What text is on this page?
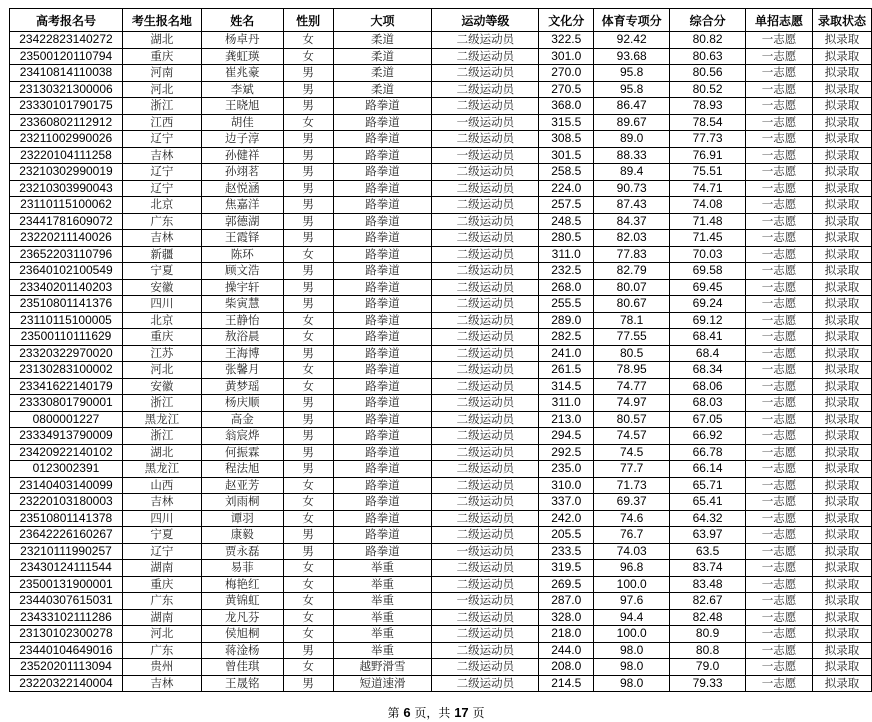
高考报名号	考生报名地	姓名	性别	大项	运动等级	文化分	体育专项分	综合分	单招志愿	录取状态
23422823140272	湖北	杨卓丹	女	柔道	二级运动员	322.5	92.42	80.82	一志愿	拟录取
23500120110794	重庆	龚虹瑛	女	柔道	二级运动员	301.0	93.68	80.63	一志愿	拟录取
23410814110038	河南	崔兆豪	男	柔道	二级运动员	270.0	95.8	80.56	一志愿	拟录取
23130321300006	河北	李斌	男	柔道	二级运动员	270.5	95.8	80.52	一志愿	拟录取
23330101790175	浙江	王晓旭	男	路拳道	二级运动员	368.0	86.47	78.93	一志愿	拟录取
23360802112912	江西	胡佳	女	路拳道	一级运动员	315.5	89.67	78.54	一志愿	拟录取
23211002990026	辽宁	边子淳	男	路拳道	二级运动员	308.5	89.0	77.73	一志愿	拟录取
23220104111258	吉林	孙健祥	男	路拳道	一级运动员	301.5	88.33	76.91	一志愿	拟录取
23210302990019	辽宁	孙翊茗	男	路拳道	二级运动员	258.5	89.4	75.51	一志愿	拟录取
23210303990043	辽宁	赵悦涵	男	路拳道	二级运动员	224.0	90.73	74.71	一志愿	拟录取
23110115100062	北京	焦嘉洋	男	路拳道	二级运动员	257.5	87.43	74.08	一志愿	拟录取
23441781609072	广东	郭德湖	男	路拳道	二级运动员	248.5	84.37	71.48	一志愿	拟录取
23220211140026	吉林	王霞铎	男	路拳道	二级运动员	280.5	82.03	71.45	一志愿	拟录取
23652203110796	新疆	陈环	女	路拳道	二级运动员	311.0	77.83	70.03	一志愿	拟录取
23640102100549	宁夏	顾文浩	男	路拳道	二级运动员	232.5	82.79	69.58	一志愿	拟录取
23340201140203	安徽	操宇轩	男	路拳道	二级运动员	268.0	80.07	69.45	一志愿	拟录取
23510801141376	四川	柴寅慧	男	路拳道	二级运动员	255.5	80.67	69.24	一志愿	拟录取
23110115100005	北京	王静怡	女	路拳道	二级运动员	289.0	78.1	69.12	一志愿	拟录取
23500110111629	重庆	敖浴晨	女	路拳道	二级运动员	282.5	77.55	68.41	一志愿	拟录取
23320322970020	江苏	王海博	男	路拳道	二级运动员	241.0	80.5	68.4	一志愿	拟录取
23130283100002	河北	张馨月	女	路拳道	二级运动员	261.5	78.95	68.34	一志愿	拟录取
23341622140179	安徽	黄梦瑶	女	路拳道	二级运动员	314.5	74.77	68.06	一志愿	拟录取
23330801790001	浙江	杨庆顺	男	路拳道	二级运动员	311.0	74.97	68.03	一志愿	拟录取
0800001227	黑龙江	高金	男	路拳道	二级运动员	213.0	80.57	67.05	一志愿	拟录取
23334913790009	浙江	翁宸烨	男	路拳道	二级运动员	294.5	74.57	66.92	一志愿	拟录取
23420922140102	湖北	何振霖	男	路拳道	二级运动员	292.5	74.5	66.78	一志愿	拟录取
0123002391	黑龙江	程法旭	男	路拳道	二级运动员	235.0	77.7	66.14	一志愿	拟录取
23140403140099	山西	赵亚芳	女	路拳道	二级运动员	310.0	71.73	65.71	一志愿	拟录取
23220103180003	吉林	刘雨桐	女	路拳道	二级运动员	337.0	69.37	65.41	一志愿	拟录取
23510801141378	四川	谭羽	女	路拳道	二级运动员	242.0	74.6	64.32	一志愿	拟录取
23642226160267	宁夏	康毅	男	路拳道	二级运动员	205.5	76.7	63.97	一志愿	拟录取
23210111990257	辽宁	贾永磊	男	路拳道	一级运动员	233.5	74.03	63.5	一志愿	拟录取
23430124111544	湖南	易菲	女	举重	二级运动员	319.5	96.8	83.74	一志愿	拟录取
23500131900001	重庆	梅艳红	女	举重	二级运动员	269.5	100.0	83.48	一志愿	拟录取
23440307615031	广东	黄锦虹	女	举重	一级运动员	287.0	97.6	82.67	一志愿	拟录取
23433102111286	湖南	龙凡芬	女	举重	二级运动员	328.0	94.4	82.48	一志愿	拟录取
23130102300278	河北	侯旭桐	女	举重	二级运动员	218.0	100.0	80.9	一志愿	拟录取
23440104649016	广东	蒋淦杨	男	举重	二级运动员	244.0	98.0	80.8	一志愿	拟录取
23520201113094	贵州	曾佳琪	女	越野滑雪	二级运动员	208.0	98.0	79.0	一志愿	拟录取
23220322140004	吉林	王晟铭	男	短道速滑	二级运动员	214.5	98.0	79.33	一志愿	拟录取
第 6 页，共 17 页
